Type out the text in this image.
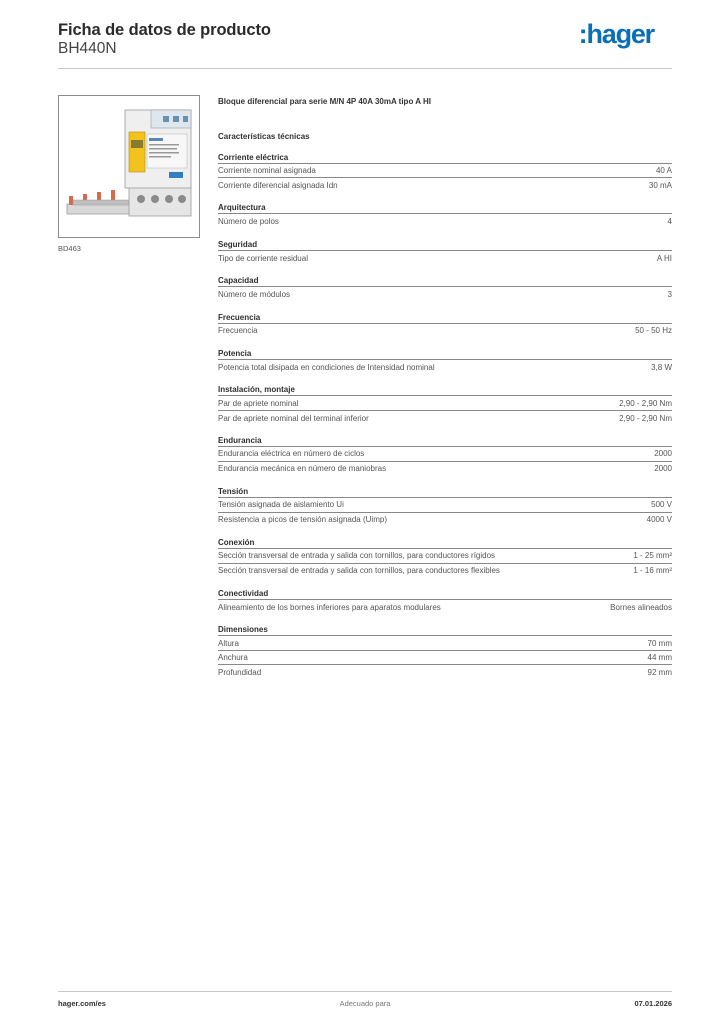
Ficha de datos de producto
BH440N	:hager
BD463
Bloque diferencial para serie M/N 4P 40A 30mA tipo A HI
Características técnicas
Corriente eléctrica
Corriente nominal asignada	40 A
Corriente diferencial asignada Idn	30 mA
Arquitectura
Número de polos	4
Seguridad
Tipo de corriente residual	A HI
Capacidad
Número de módulos	3
Frecuencia
Frecuencia	50 - 50 Hz
Potencia
Potencia total disipada en condiciones de Intensidad nominal	3,8 W
Instalación, montaje
Par de apriete nominal	2,90 - 2,90 Nm
Par de apriete nominal del terminal inferior	2,90 - 2,90 Nm
Endurancia
Endurancia eléctrica en número de ciclos	2000
Endurancia mecánica en número de maniobras	2000
Tensión
Tensión asignada de aislamiento Ui	500 V
Resistencia a picos de tensión asignada (Uimp)	4000 V
Conexión
Sección transversal de entrada y salida con tornillos, para conductores rígidos	1 - 25 mm²
Sección transversal de entrada y salida con tornillos, para conductores flexibles	1 - 16 mm²
Conectividad
Alineamiento de los bornes inferiores para aparatos modulares	Bornes alineados
Dimensiones
Altura	70 mm
Anchura	44 mm
Profundidad	92 mm
hager.com/es	Adecuado para	07.01.2026
